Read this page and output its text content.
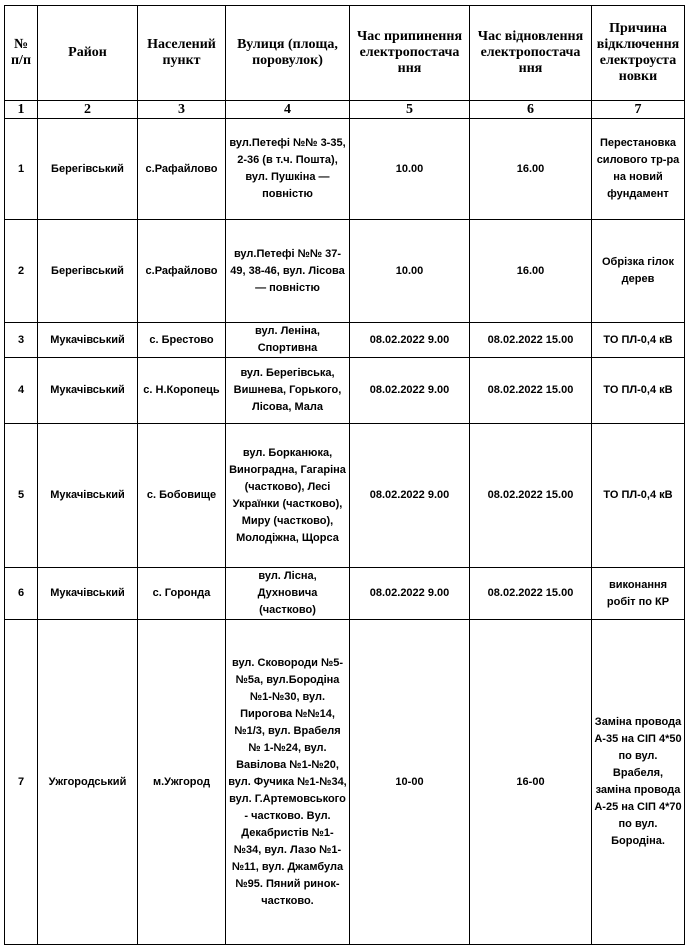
№ п/п	Район	Населений пункт	Вулиця (площа, поровулок)	Час припинення електропостача ння	Час відновлення електропостача ння	Причина відключення електроуста новки
1	2	3	4	5	6	7
1	Берегівський	с.Рафайлово	вул.Петефі №№ 3-35, 2-36 (в т.ч. Пошта), вул. Пушкіна — повністю	10.00	16.00	Перестановка силового тр-ра на новий фундамент
2	Берегівський	с.Рафайлово	вул.Петефі №№ 37-49, 38-46, вул. Лісова — повністю	10.00	16.00	Обрізка гілок дерев
3	Мукачівський	с. Брестово	вул. Леніна, Спортивна	08.02.2022 9.00	08.02.2022 15.00	ТО ПЛ-0,4 кВ
4	Мукачівський	с. Н.Коропець	вул. Берегівська, Вишнева, Горького, Лісова, Мала	08.02.2022 9.00	08.02.2022 15.00	ТО ПЛ-0,4 кВ
5	Мукачівський	с. Бобовище	вул. Борканюка, Виноградна, Гагаріна (частково), Лесі Українки (частково), Миру (частково), Молодіжна, Щорса	08.02.2022 9.00	08.02.2022 15.00	ТО ПЛ-0,4 кВ
6	Мукачівський	с. Горонда	вул. Лісна, Духновича (частково)	08.02.2022 9.00	08.02.2022 15.00	виконання робіт по КР
7	Ужгородський	м.Ужгород	вул. Сковороди №5-№5а, вул.Бородіна №1-№30, вул. Пирогова №№14, №1/3, вул. Врабеля № 1-№24, вул. Вавілова №1-№20, вул. Фучика №1-№34, вул. Г.Артемовського - частково. Вул. Декабристів №1-№34, вул. Лазо №1-№11, вул. Джамбула №95. Пяний ринок-частково.	10-00	16-00	Заміна провода А-35 на СІП 4*50 по вул. Врабеля, заміна провода А-25 на СІП 4*70 по вул. Бородіна.
